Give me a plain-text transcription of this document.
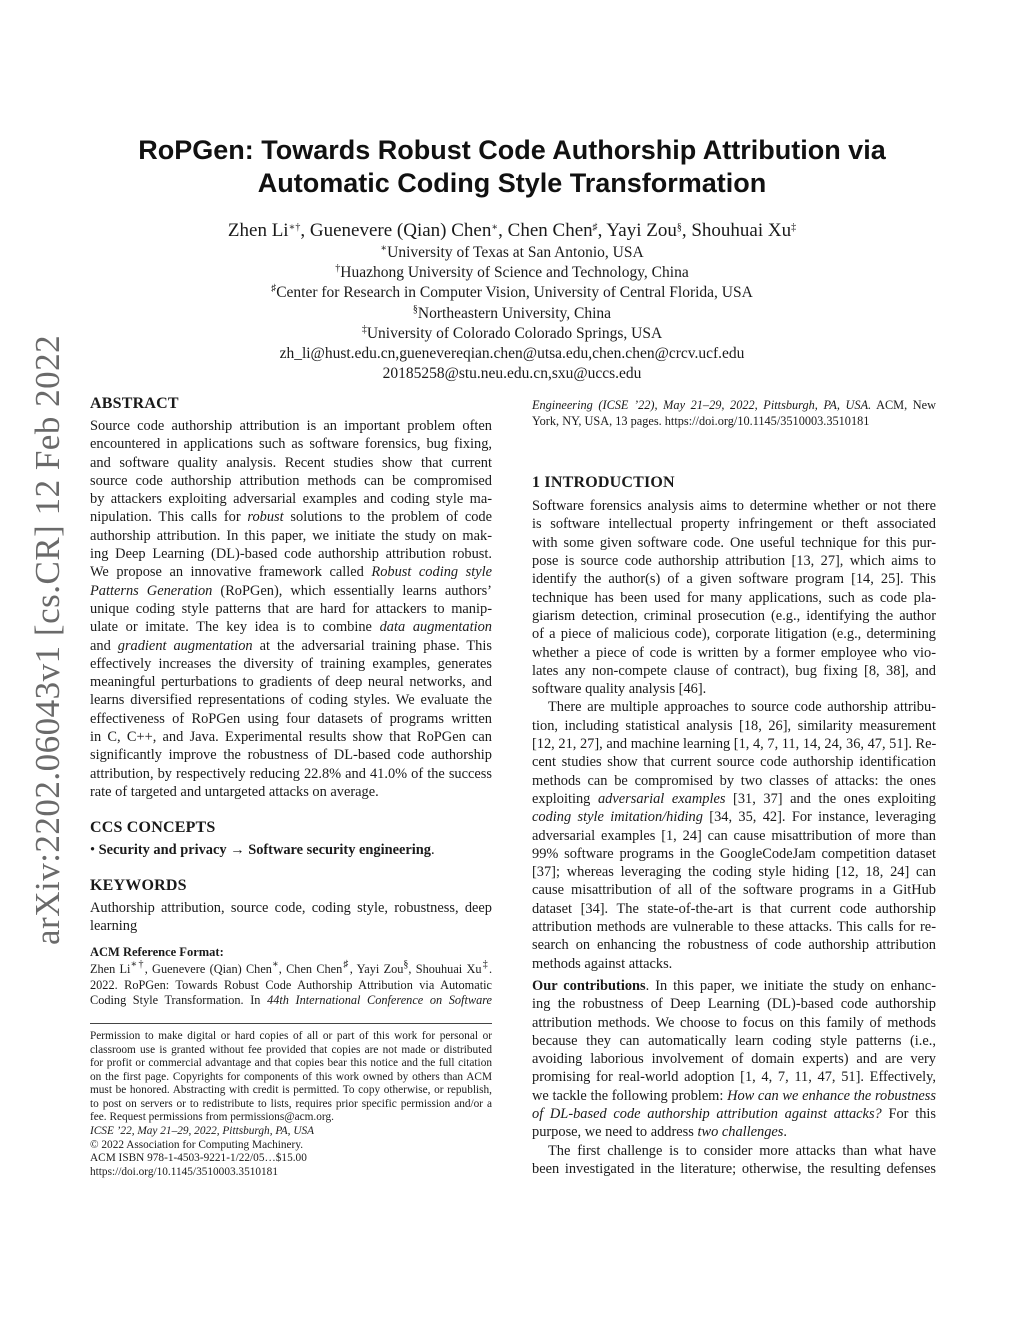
arXiv:2202.06043v1 [cs.CR] 12 Feb 2022
RoPGen: Towards Robust Code Authorship Attribution via
Automatic Coding Style Transformation
Zhen Li∗†, Guenevere (Qian) Chen∗, Chen Chen♯, Yayi Zou§, Shouhuai Xu‡
∗University of Texas at San Antonio, USA
†Huazhong University of Science and Technology, China
♯Center for Research in Computer Vision, University of Central Florida, USA
§Northeastern University, China
‡University of Colorado Colorado Springs, USA
zh_li@hust.edu.cn,guenevereqian.chen@utsa.edu,chen.chen@crcv.ucf.edu
20185258@stu.neu.edu.cn,sxu@uccs.edu
ABSTRACT
Source code authorship attribution is an important problem often
encountered in applications such as software forensics, bug fixing,
and software quality analysis. Recent studies show that current
source code authorship attribution methods can be compromised
by attackers exploiting adversarial examples and coding style ma-
nipulation. This calls for robust solutions to the problem of code
authorship attribution. In this paper, we initiate the study on mak-
ing Deep Learning (DL)-based code authorship attribution robust.
We propose an innovative framework called Robust coding style
Patterns Generation (RoPGen), which essentially learns authors’
unique coding style patterns that are hard for attackers to manip-
ulate or imitate. The key idea is to combine data augmentation
and gradient augmentation at the adversarial training phase. This
effectively increases the diversity of training examples, generates
meaningful perturbations to gradients of deep neural networks, and
learns diversified representations of coding styles. We evaluate the
effectiveness of RoPGen using four datasets of programs written
in C, C++, and Java. Experimental results show that RoPGen can
significantly improve the robustness of DL-based code authorship
attribution, by respectively reducing 22.8% and 41.0% of the success
rate of targeted and untargeted attacks on average.
CCS CONCEPTS
• Security and privacy → Software security engineering.
KEYWORDS
Authorship attribution, source code, coding style, robustness, deep
learning
ACM Reference Format:
Zhen Li∗†, Guenevere (Qian) Chen∗, Chen Chen♯, Yayi Zou§, Shouhuai Xu‡.
2022. RoPGen: Towards Robust Code Authorship Attribution via Automatic
Coding Style Transformation. In 44th International Conference on Software
Permission to make digital or hard copies of all or part of this work for personal or
classroom use is granted without fee provided that copies are not made or distributed
for profit or commercial advantage and that copies bear this notice and the full citation
on the first page. Copyrights for components of this work owned by others than ACM
must be honored. Abstracting with credit is permitted. To copy otherwise, or republish,
to post on servers or to redistribute to lists, requires prior specific permission and/or a
fee. Request permissions from permissions@acm.org.
ICSE ’22, May 21–29, 2022, Pittsburgh, PA, USA
© 2022 Association for Computing Machinery.
ACM ISBN 978-1-4503-9221-1/22/05…$15.00
https://doi.org/10.1145/3510003.3510181
Engineering (ICSE ’22), May 21–29, 2022, Pittsburgh, PA, USA. ACM, New
York, NY, USA, 13 pages. https://doi.org/10.1145/3510003.3510181
1 INTRODUCTION
Software forensics analysis aims to determine whether or not there
is software intellectual property infringement or theft associated
with some given software code. One useful technique for this pur-
pose is source code authorship attribution [13, 27], which aims to
identify the author(s) of a given software program [14, 25]. This
technique has been used for many applications, such as code pla-
giarism detection, criminal prosecution (e.g., identifying the author
of a piece of malicious code), corporate litigation (e.g., determining
whether a piece of code is written by a former employee who vio-
lates any non-compete clause of contract), bug fixing [8, 38], and
software quality analysis [46].
There are multiple approaches to source code authorship attribu-
tion, including statistical analysis [18, 26], similarity measurement
[12, 21, 27], and machine learning [1, 4, 7, 11, 14, 24, 36, 47, 51]. Re-
cent studies show that current source code authorship identification
methods can be compromised by two classes of attacks: the ones
exploiting adversarial examples [31, 37] and the ones exploiting
coding style imitation/hiding [34, 35, 42]. For instance, leveraging
adversarial examples [1, 24] can cause misattribution of more than
99% software programs in the GoogleCodeJam competition dataset
[37]; whereas leveraging the coding style hiding [12, 18, 24] can
cause misattribution of all of the software programs in a GitHub
dataset [34]. The state-of-the-art is that current code authorship
attribution methods are vulnerable to these attacks. This calls for re-
search on enhancing the robustness of code authorship attribution
methods against attacks.
Our contributions. In this paper, we initiate the study on enhanc-
ing the robustness of Deep Learning (DL)-based code authorship
attribution methods. We choose to focus on this family of methods
because they can automatically learn coding style patterns (i.e.,
avoiding laborious involvement of domain experts) and are very
promising for real-world adoption [1, 4, 7, 11, 47, 51]. Effectively,
we tackle the following problem: How can we enhance the robustness
of DL-based code authorship attribution against attacks? For this
purpose, we need to address two challenges.
The first challenge is to consider more attacks than what have
been investigated in the literature; otherwise, the resulting defenses
